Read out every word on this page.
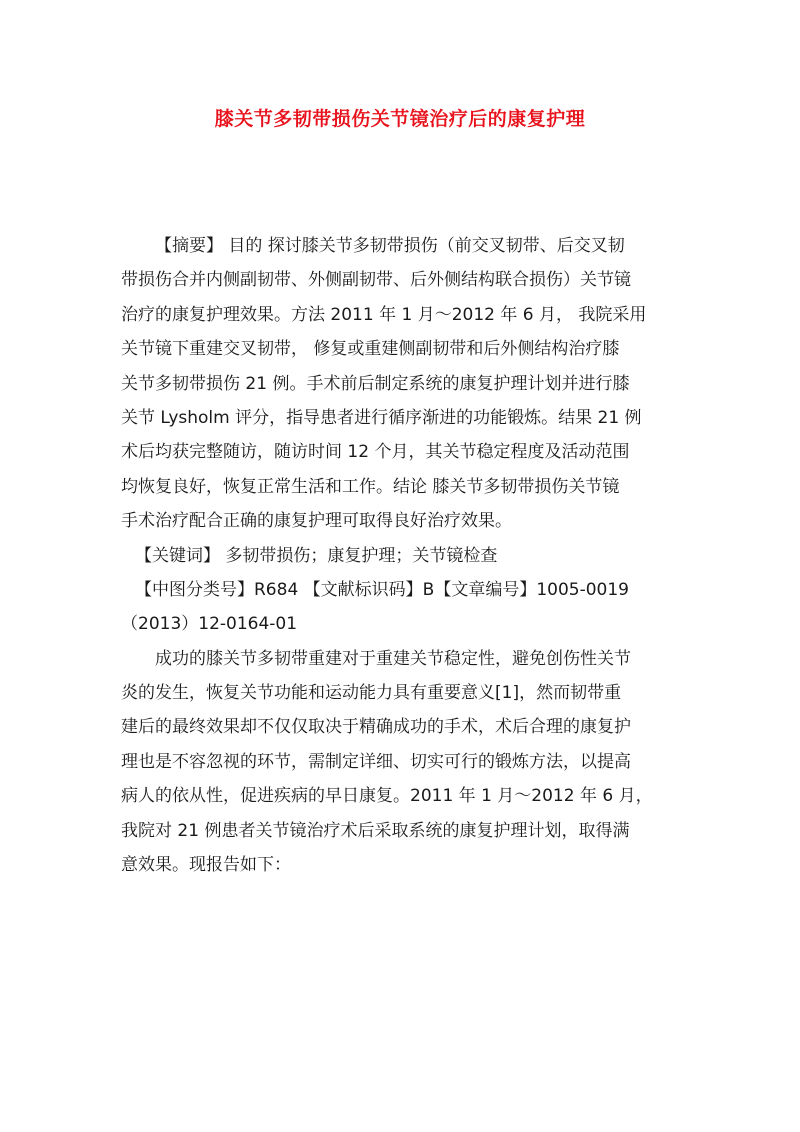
膝关节多韧带损伤关节镜治疗后的康复护理
【摘要】 目的 探讨膝关节多韧带损伤（前交叉韧带、后交叉韧
带损伤合并内侧副韧带、外侧副韧带、后外侧结构联合损伤）关节镜
治疗的康复护理效果。方法 2011 年 1 月～2012 年 6 月， 我院采用
关节镜下重建交叉韧带， 修复或重建侧副韧带和后外侧结构治疗膝
关节多韧带损伤 21 例。手术前后制定系统的康复护理计划并进行膝
关节 Lysholm 评分，指导患者进行循序渐进的功能锻炼。结果 21 例
术后均获完整随访，随访时间 12 个月，其关节稳定程度及活动范围
均恢复良好，恢复正常生活和工作。结论 膝关节多韧带损伤关节镜
手术治疗配合正确的康复护理可取得良好治疗效果。
【关键词】 多韧带损伤；康复护理；关节镜检查
【中图分类号】R684 【文献标识码】B【文章编号】1005-0019
（2013）12-0164-01
成功的膝关节多韧带重建对于重建关节稳定性，避免创伤性关节
炎的发生，恢复关节功能和运动能力具有重要意义[1]，然而韧带重
建后的最终效果却不仅仅取决于精确成功的手术，术后合理的康复护
理也是不容忽视的环节，需制定详细、切实可行的锻炼方法，以提高
病人的依从性，促进疾病的早日康复。2011 年 1 月～2012 年 6 月，
我院对 21 例患者关节镜治疗术后采取系统的康复护理计划，取得满
意效果。现报告如下：
